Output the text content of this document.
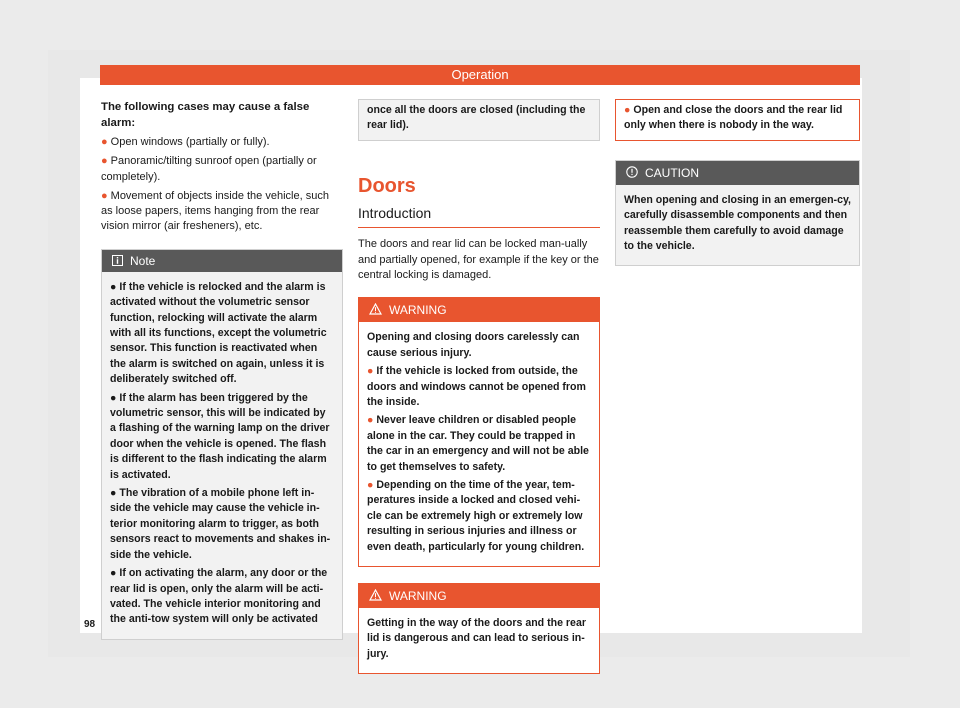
Operation

The following cases may cause a false alarm:

● Open windows (partially or fully).

● Panoramic/tilting sunroof open (partially or completely).

● Movement of objects inside the vehicle, such as loose papers, items hanging from the rear vision mirror (air fresheners), etc.

Note

● If the vehicle is relocked and the alarm is activated without the volumetric sensor function, relocking will activate the alarm with all its functions, except the volumetric sensor. This function is reactivated when the alarm is switched on again, unless it is deliberately switched off.

● If the alarm has been triggered by the volumetric sensor, this will be indicated by a flashing of the warning lamp on the driver door when the vehicle is opened. The flash is different to the flash indicating the alarm is activated.

● The vibration of a mobile phone left in-side the vehicle may cause the vehicle in-terior monitoring alarm to trigger, as both sensors react to movements and shakes in-side the vehicle.

● If on activating the alarm, any door or the rear lid is open, only the alarm will be acti-vated. The vehicle interior monitoring and the anti-tow system will only be activated

once all the doors are closed (including the rear lid).
Doors
Introduction

The doors and rear lid can be locked man-ually and partially opened, for example if the key or the central locking is damaged.

WARNING

Opening and closing doors carelessly can cause serious injury.

● If the vehicle is locked from outside, the doors and windows cannot be opened from the inside.

● Never leave children or disabled people alone in the car. They could be trapped in the car in an emergency and will not be able to get themselves to safety.

● Depending on the time of the year, tem-peratures inside a locked and closed vehi-cle can be extremely high or extremely low resulting in serious injuries and illness or even death, particularly for young children.

WARNING

Getting in the way of the doors and the rear lid is dangerous and can lead to serious in-jury.

● Open and close the doors and the rear lid only when there is nobody in the way.
CAUTION

When opening and closing in an emergen-cy, carefully disassemble components and then reassemble them carefully to avoid damage to the vehicle.

98
